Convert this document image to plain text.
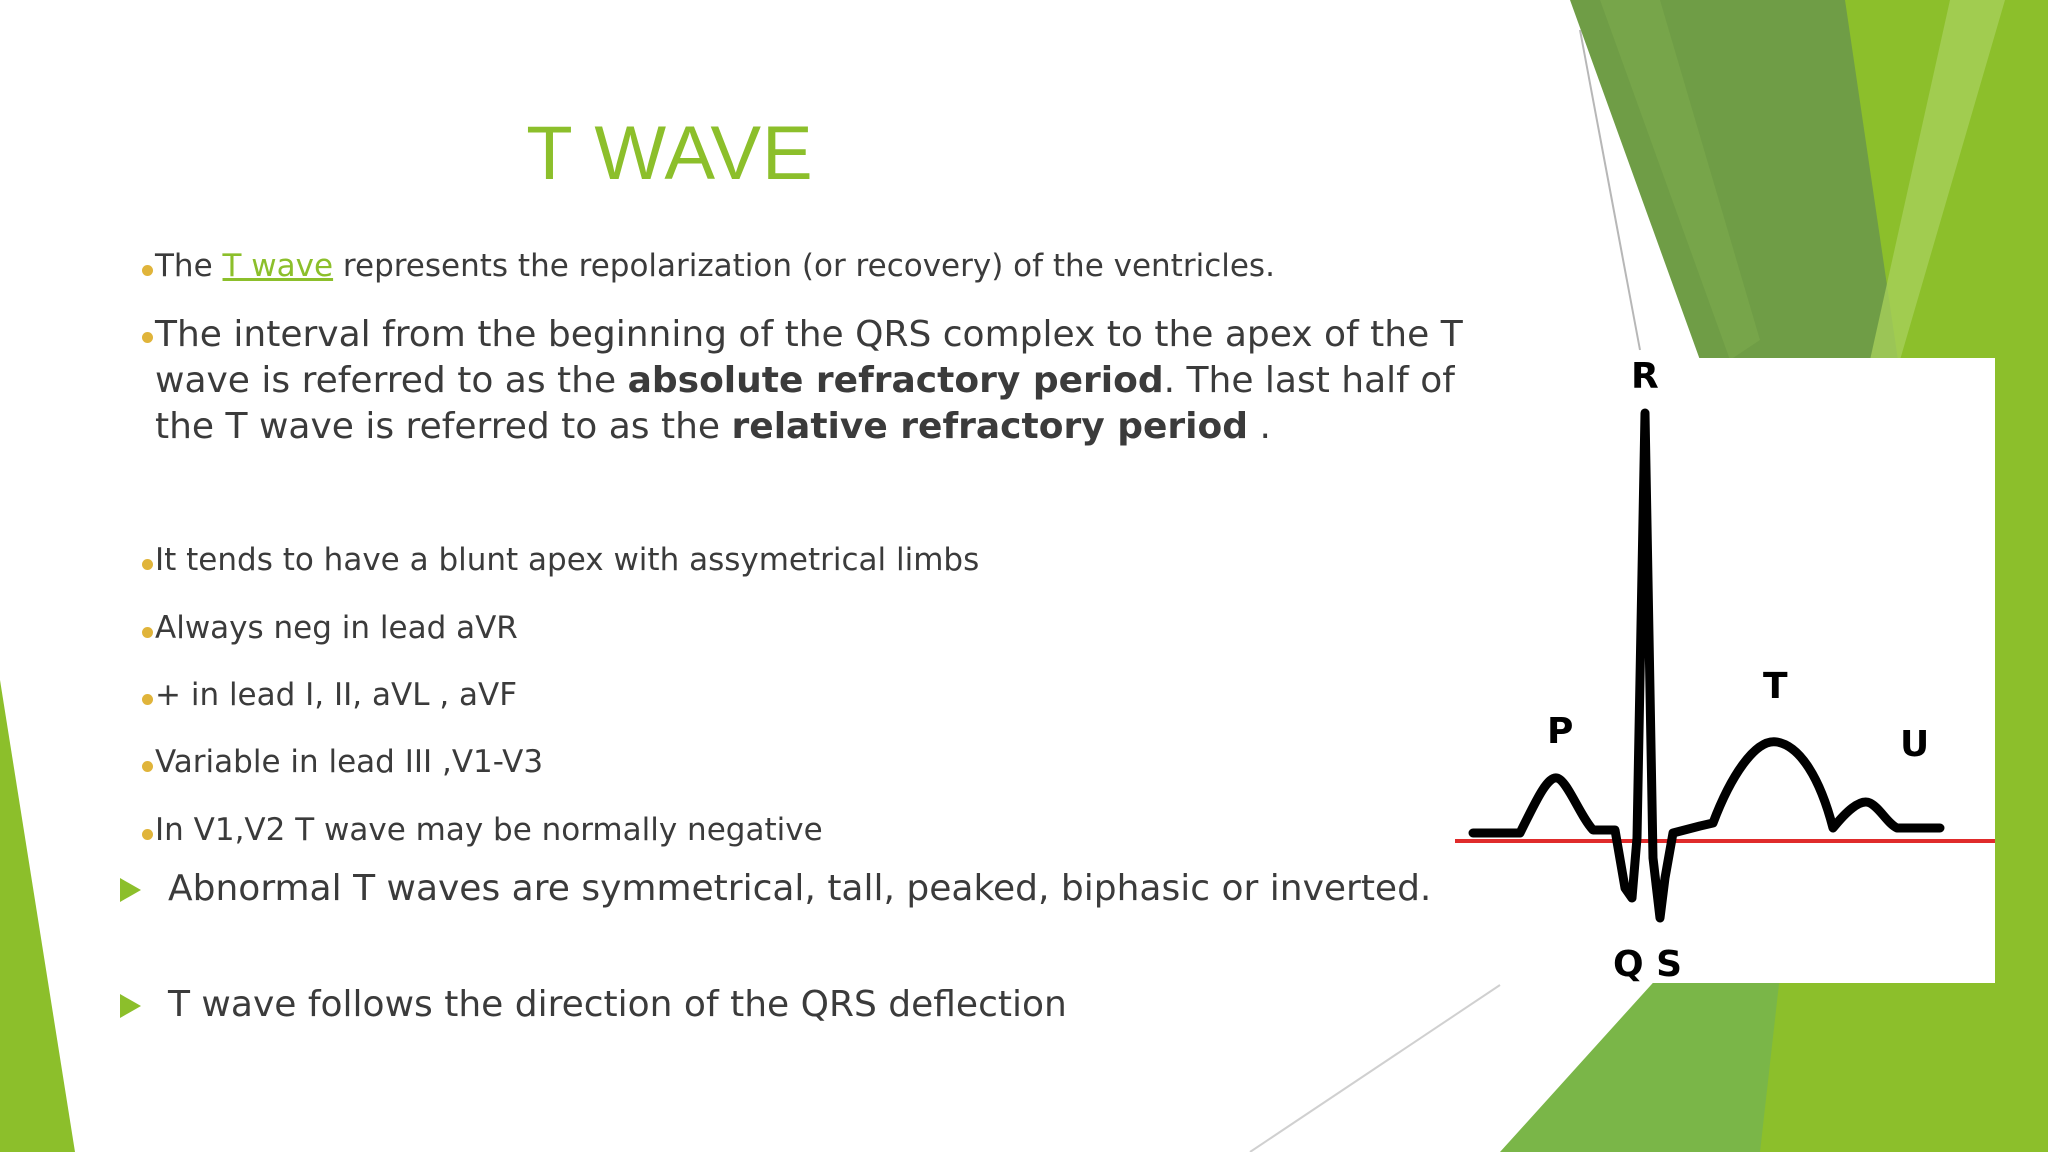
T WAVE

The T wave represents the repolarization (or recovery) of the ventricles.

The interval from the beginning of the QRS complex to the apex of the T
wave is referred to as the absolute refractory period. The last half of
the T wave is referred to as the relative refractory period .

It tends to have a blunt apex with assymetrical limbs

Always neg in lead aVR

+ in lead I, II, aVL , aVF

Variable in lead III ,V1-V3

In V1,V2 T wave may be normally negative

Abnormal T waves are symmetrical, tall, peaked, biphasic or inverted.

T wave follows the direction of the QRS deflection

R
P
T
U
Q S
